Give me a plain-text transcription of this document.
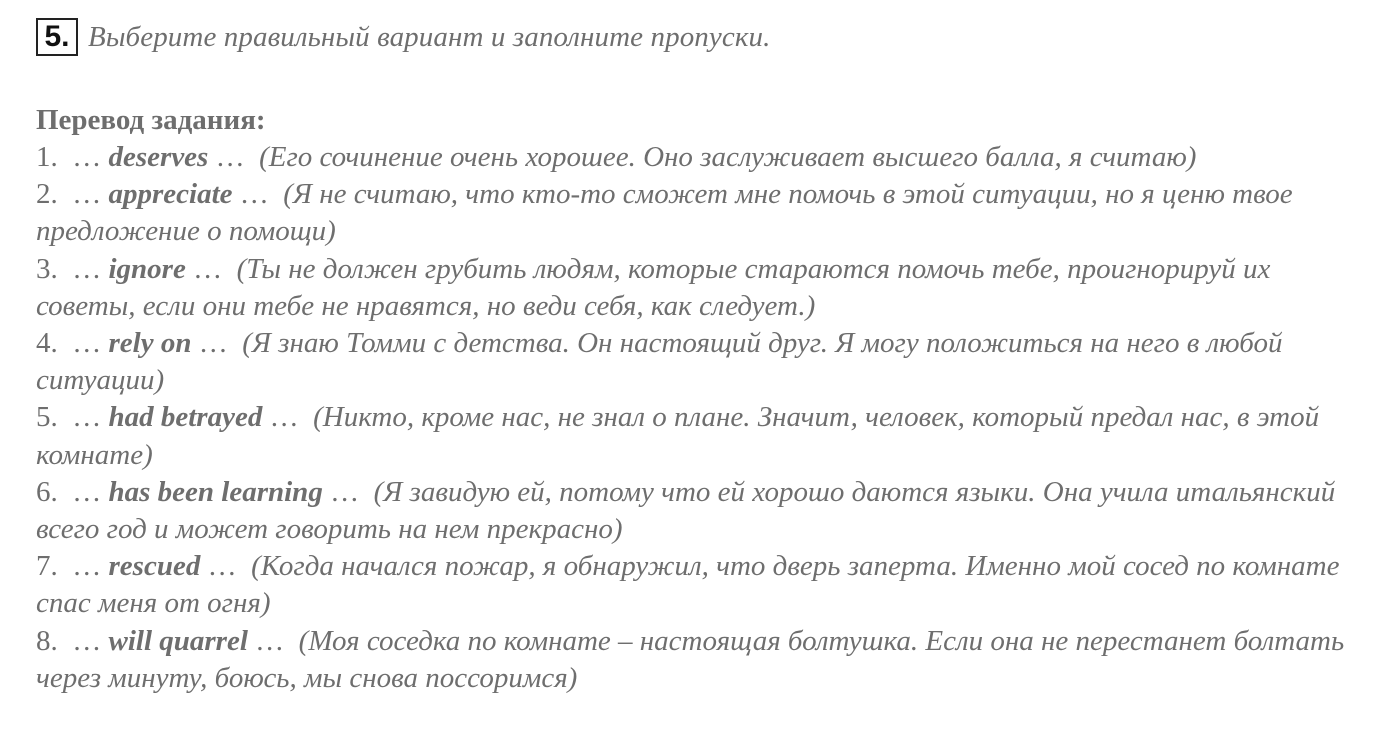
5. Выберите правильный вариант и заполните пропуски.
Перевод задания:
1. … deserves … (Его сочинение очень хорошее. Оно заслуживает высшего балла, я считаю)
2. … appreciate … (Я не считаю, что кто-то сможет мне помочь в этой ситуации, но я ценю твое предложение о помощи)
3. … ignore … (Ты не должен грубить людям, которые стараются помочь тебе, проигнорируй их советы, если они тебе не нравятся, но веди себя, как следует.)
4. … rely on … (Я знаю Томми с детства. Он настоящий друг. Я могу положиться на него в любой ситуации)
5. … had betrayed … (Никто, кроме нас, не знал о плане. Значит, человек, который предал нас, в этой комнате)
6. … has been learning … (Я завидую ей, потому что ей хорошо даются языки. Она учила итальянский всего год и может говорить на нем прекрасно)
7. … rescued … (Когда начался пожар, я обнаружил, что дверь заперта. Именно мой сосед по комнате спас меня от огня)
8. … will quarrel … (Моя соседка по комнате – настоящая болтушка. Если она не перестанет болтать через минуту, боюсь, мы снова поссоримся)
